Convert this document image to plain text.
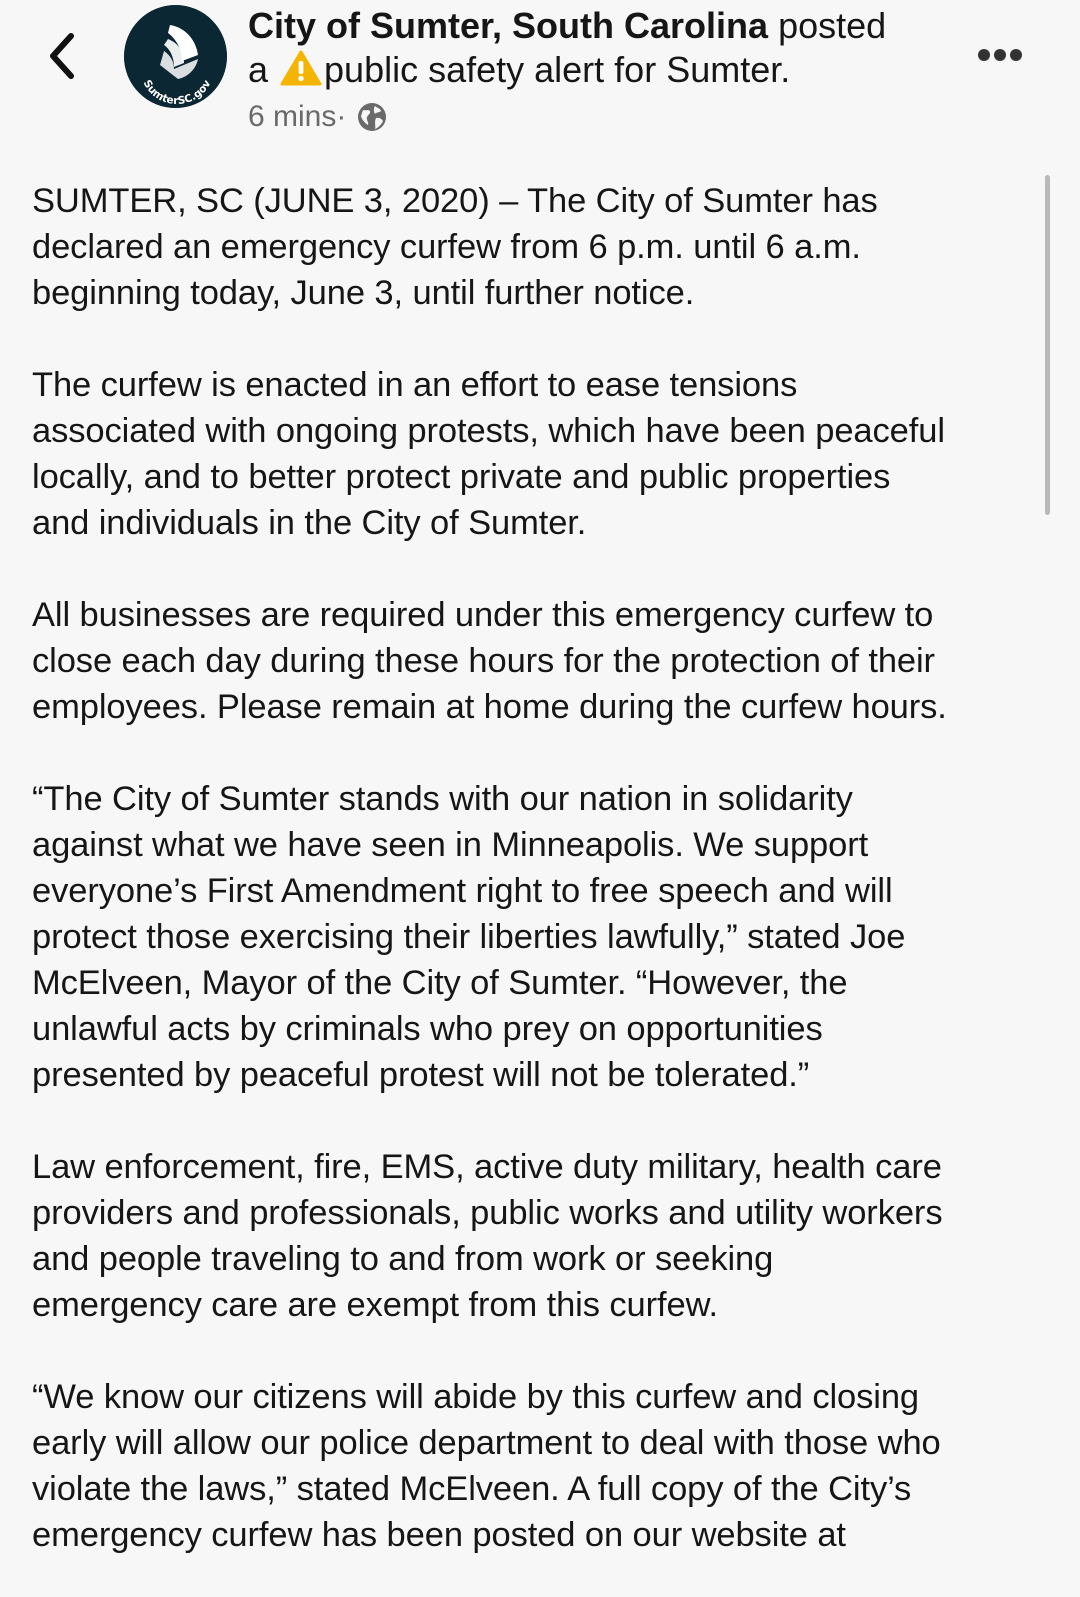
SumterSC.gov
City of Sumter, South Carolina posted
a public safety alert for Sumter.
6 mins ·

SUMTER, SC (JUNE 3, 2020) – The City of Sumter has
declared an emergency curfew from 6 p.m. until 6 a.m.
beginning today, June 3, until further notice.

The curfew is enacted in an effort to ease tensions
associated with ongoing protests, which have been peaceful
locally, and to better protect private and public properties
and individuals in the City of Sumter.

All businesses are required under this emergency curfew to
close each day during these hours for the protection of their
employees. Please remain at home during the curfew hours.

“The City of Sumter stands with our nation in solidarity
against what we have seen in Minneapolis. We support
everyone’s First Amendment right to free speech and will
protect those exercising their liberties lawfully,” stated Joe
McElveen, Mayor of the City of Sumter. “However, the
unlawful acts by criminals who prey on opportunities
presented by peaceful protest will not be tolerated.”

Law enforcement, fire, EMS, active duty military, health care
providers and professionals, public works and utility workers
and people traveling to and from work or seeking
emergency care are exempt from this curfew.

“We know our citizens will abide by this curfew and closing
early will allow our police department to deal with those who
violate the laws,” stated McElveen. A full copy of the City’s
emergency curfew has been posted on our website at
